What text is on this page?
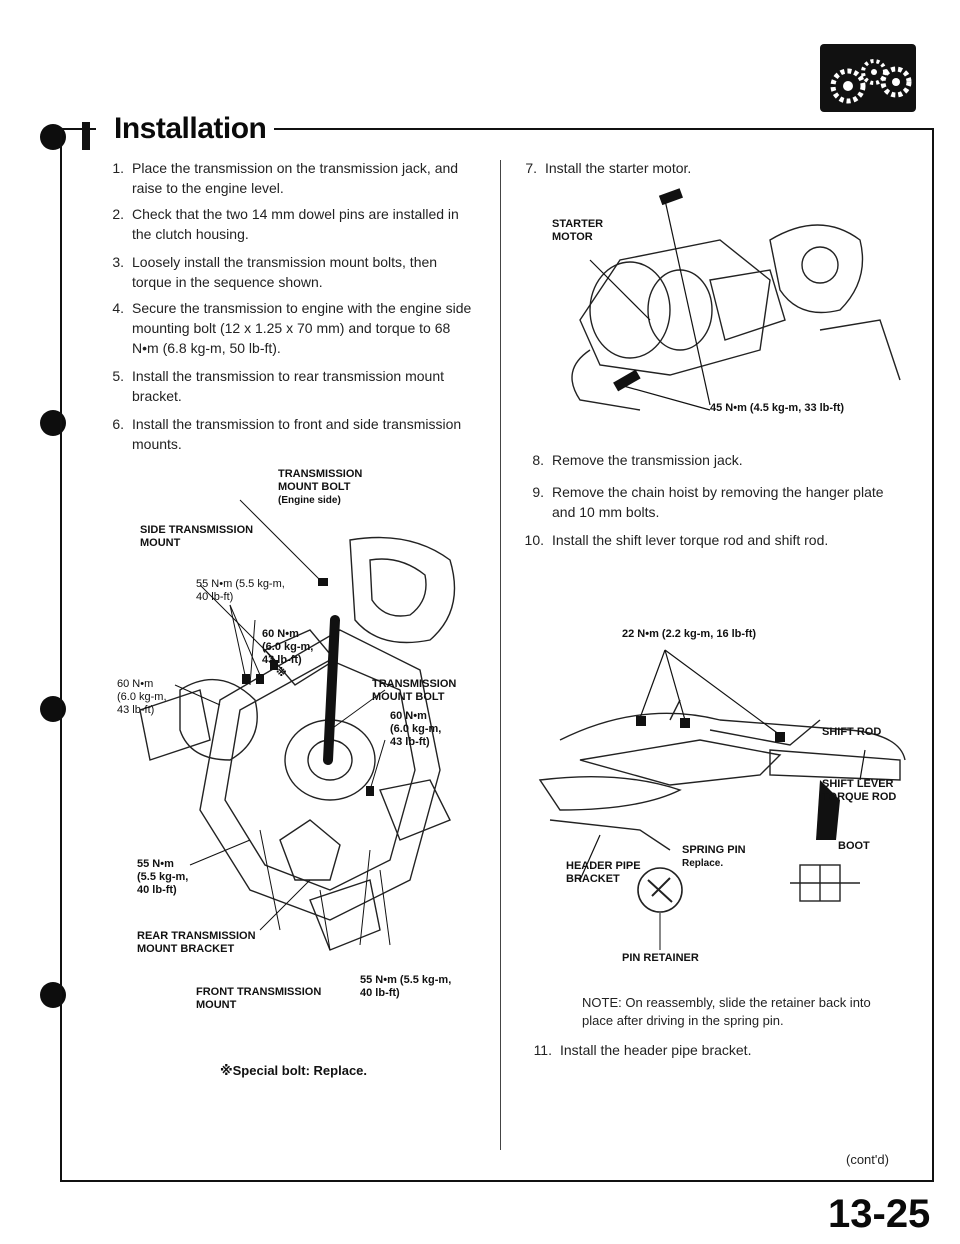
Installation
1. Place the transmission on the transmission jack, and raise to the engine level.
2. Check that the two 14 mm dowel pins are installed in the clutch housing.
3. Loosely install the transmission mount bolts, then torque in the sequence shown.
4. Secure the transmission to engine with the engine side mounting bolt (12 x 1.25 x 70 mm) and torque to 68 N•m (6.8 kg-m, 50 lb-ft).
5. Install the transmission to rear transmission mount bracket.
6. Install the transmission to front and side transmission mounts.
TRANSMISSION
MOUNT BOLT
(Engine side)
SIDE TRANSMISSION
MOUNT
55 N•m (5.5 kg-m,
40 lb-ft)
60 N•m
(6.0 kg-m,
43 lb-ft)
※
60 N•m
(6.0 kg-m,
43 lb-ft)
TRANSMISSION
MOUNT BOLT
60 N•m
(6.0 kg-m,
43 lb-ft)
55 N•m
(5.5 kg-m,
40 lb-ft)
REAR TRANSMISSION
MOUNT BRACKET
FRONT TRANSMISSION
MOUNT
55 N•m (5.5 kg-m,
40 lb-ft)
※Special bolt: Replace.
7. Install the starter motor.
STARTER
MOTOR
45 N•m (4.5 kg-m, 33 lb-ft)
8. Remove the transmission jack.
9. Remove the chain hoist by removing the hanger plate and 10 mm bolts.
10. Install the shift lever torque rod and shift rod.
22 N•m (2.2 kg-m, 16 lb-ft)
SHIFT ROD
SHIFT LEVER
TORQUE ROD
SPRING PIN
Replace.
BOOT
HEADER PIPE
BRACKET
PIN RETAINER
NOTE: On reassembly, slide the retainer back into place after driving in the spring pin.
11. Install the header pipe bracket.
(cont'd)
13-25
